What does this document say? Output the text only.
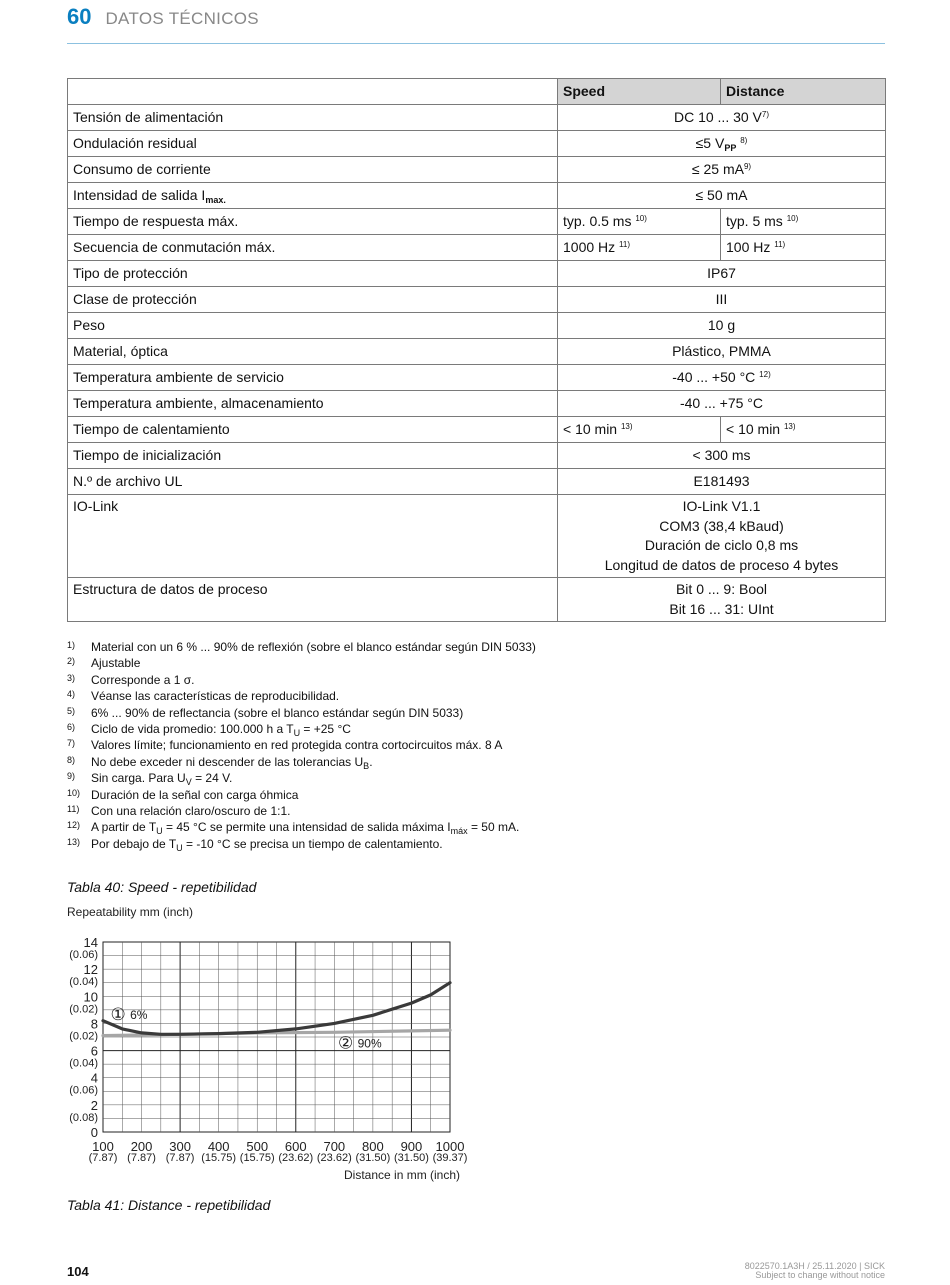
60 DATOS TÉCNICOS
	Speed	Distance
Tensión de alimentación	DC 10 ... 30 $V^{7)}$
Ondulación residual	≤5 $V_{PP}$ $^{8)}$
Consumo de corriente	≤ 25 $mA^{9)}$
Intensidad de salida $I_{max.}$	≤ 50 mA	
Tiempo de respuesta máx.	typ. 0.5 ms $^{10)}$	typ. 5 ms $^{10)}$
Secuencia de conmutación máx.	1000 Hz $^{11)}$	100 Hz $^{11)}$
Tipo de protección	IP67	
Clase de protección	III	
Peso	10 g	
Material, óptica	Plástico, PMMA	
Temperatura ambiente de servicio	-40 ... +50 °C $^{12)}$
Temperatura ambiente, almacenamiento	-40 ... +75 °C	
Tiempo de calentamiento	< 10 min $^{13)}$	< 10 min $^{13)}$
Tiempo de inicialización	< 300 ms	
N.º de archivo UL	E181493	
IO-Link	IO-Link V1.1
COM3 (38,4 kBaud)
Duración de ciclo 0,8 ms
Longitud de datos de proceso 4 bytes	

Estructura de datos de proceso	Bit 0 ... 9: Bool
Bit 16 ... 31: UInt	
1)	Material con un 6 % ... 90% de reflexión (sobre el blanco estándar según DIN 5033)
2)	Ajustable
3)	Corresponde a 1 σ.
4)	Véanse las características de reproducibilidad.
5)	6% ... 90% de reflectancia (sobre el blanco estándar según DIN 5033)
6)	Ciclo de vida promedio: 100.000 h a $T_U = +25$ °C
7)	Valores límite; funcionamiento en red protegida contra cortocircuitos máx. 8 A
8)	No debe exceder ni descender de las tolerancias $U_B$.
9)	Sin carga. Para $U_V = 24$ V.
10) Duración de la señal con carga óhmica
11) Con una relación claro/oscuro de 1:1.
12) A partir de $T_U = 45$ °C se permite una intensidad de salida máxima $I_{máx} = 50$ mA.
13) Por debajo de $T_U = -10$ °C se precisa un tiempo de calentamiento.
Tabla 40: Speed - repetibilidad
Repeatability mm (inch)
14
(0.06)
12
(0.04)
10
(0.02)
8
(0.02)
6
(0.04)
4
(0.06)
2
(0.08)
0
100
(7.87)
200
(7.87)
300
(7.87)
400
(15.75)
500
(15.75)
600
(23.62)
700
(23.62)
800
(31.50)
900
(31.50)
1000
(39.37)
① 6%
② 90%
Distance in mm (inch)
Tabla 41: Distance - repetibilidad
104	8022570.1A3H / 25.11.2020 | SICK
Subject to change without notice
